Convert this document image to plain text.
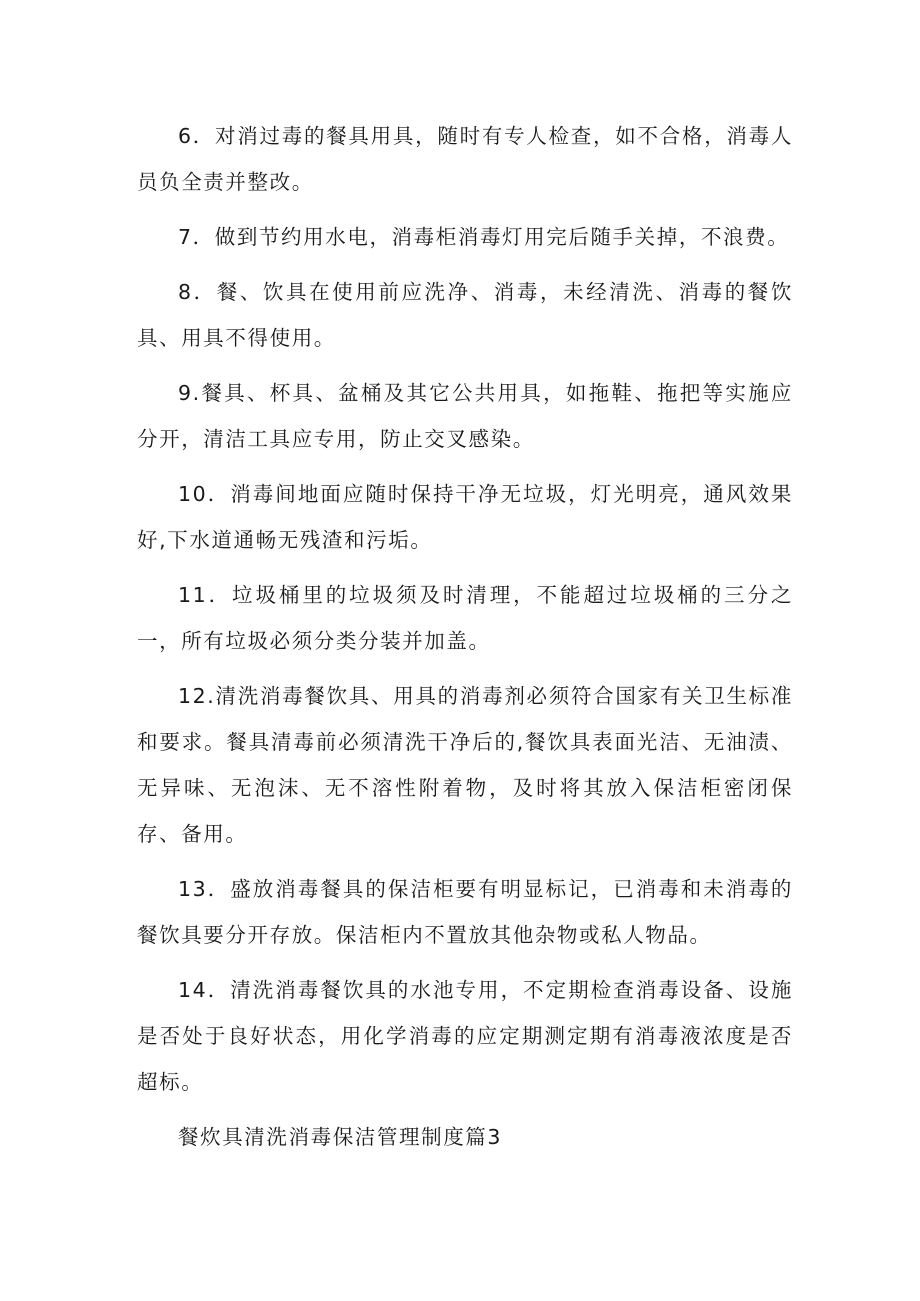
6．对消过毒的餐具用具，随时有专人检查，如不合格，消毒人员负全责并整改。

7．做到节约用水电，消毒柜消毒灯用完后随手关掉，不浪费。

8．餐、饮具在使用前应洗净、消毒，未经清洗、消毒的餐饮具、用具不得使用。

9.餐具、杯具、盆桶及其它公共用具，如拖鞋、拖把等实施应分开，清洁工具应专用，防止交叉感染。

10．消毒间地面应随时保持干净无垃圾，灯光明亮，通风效果好,下水道通畅无残渣和污垢。

11．垃圾桶里的垃圾须及时清理，不能超过垃圾桶的三分之一，所有垃圾必须分类分装并加盖。

12.清洗消毒餐饮具、用具的消毒剂必须符合国家有关卫生标准和要求。餐具清毒前必须清洗干净后的,餐饮具表面光洁、无油渍、无异味、无泡沫、无不溶性附着物，及时将其放入保洁柜密闭保存、备用。

13．盛放消毒餐具的保洁柜要有明显标记，已消毒和未消毒的餐饮具要分开存放。保洁柜内不置放其他杂物或私人物品。

14．清洗消毒餐饮具的水池专用，不定期检查消毒设备、设施是否处于良好状态，用化学消毒的应定期测定期有消毒液浓度是否超标。

餐炊具清洗消毒保洁管理制度篇3
